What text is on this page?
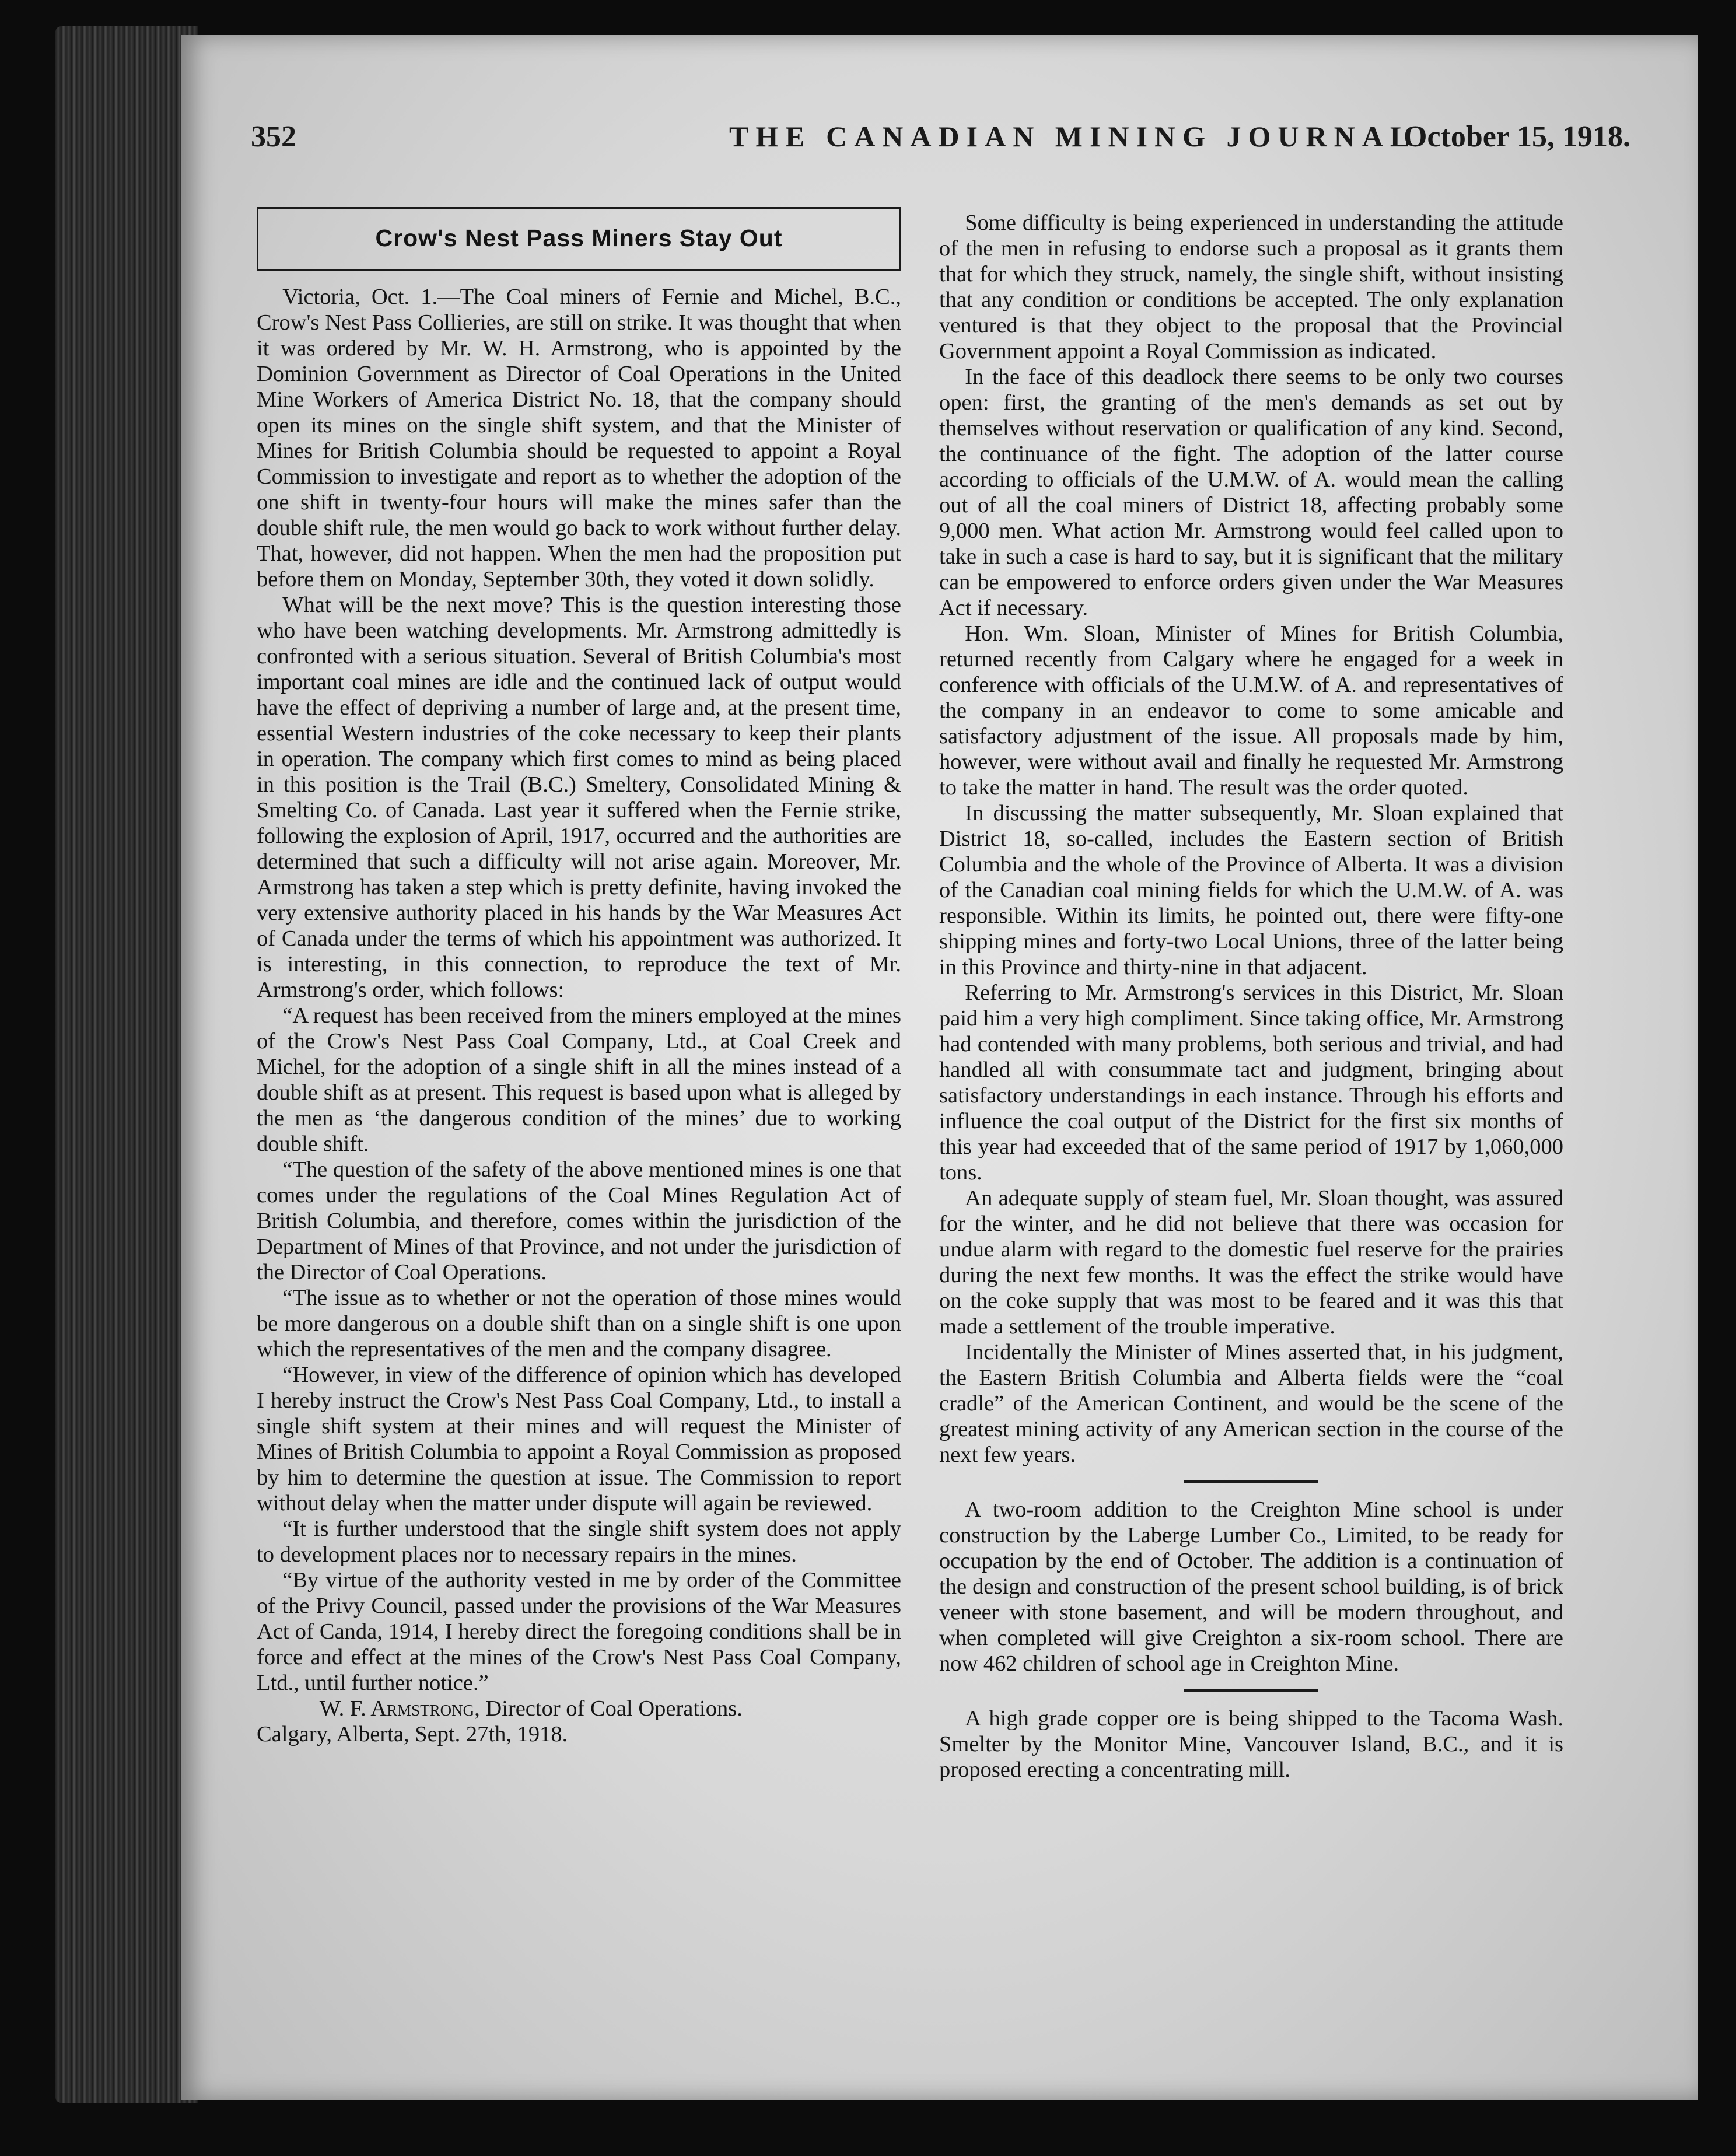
352	THE CANADIAN MINING JOURNAL
October 15, 1918.
Crow's Nest Pass Miners Stay Out

Victoria, Oct. 1.—The Coal miners of Fernie and Michel, B.C., Crow's Nest Pass Collieries, are still on strike. It was thought that when it was ordered by Mr. W. H. Armstrong, who is appointed by the Dominion Government as Director of Coal Operations in the United Mine Workers of America District No. 18, that the company should open its mines on the single shift system, and that the Minister of Mines for British Columbia should be requested to appoint a Royal Commission to investigate and report as to whether the adoption of the one shift in twenty-four hours will make the mines safer than the double shift rule, the men would go back to work without further delay. That, however, did not happen. When the men had the proposition put before them on Monday, September 30th, they voted it down solidly.

What will be the next move? This is the question interesting those who have been watching developments. Mr. Armstrong admittedly is confronted with a serious situation. Several of British Columbia's most important coal mines are idle and the continued lack of output would have the effect of depriving a number of large and, at the present time, essential Western industries of the coke necessary to keep their plants in operation. The company which first comes to mind as being placed in this position is the Trail (B.C.) Smeltery, Consolidated Mining & Smelting Co. of Canada. Last year it suffered when the Fernie strike, following the explosion of April, 1917, occurred and the authorities are determined that such a difficulty will not arise again. Moreover, Mr. Armstrong has taken a step which is pretty definite, having invoked the very extensive authority placed in his hands by the War Measures Act of Canada under the terms of which his appointment was authorized. It is interesting, in this connection, to reproduce the text of Mr. Armstrong's order, which follows:

“A request has been received from the miners employed at the mines of the Crow's Nest Pass Coal Company, Ltd., at Coal Creek and Michel, for the adoption of a single shift in all the mines instead of a double shift as at present. This request is based upon what is alleged by the men as ‘the dangerous condition of the mines’ due to working double shift.

“The question of the safety of the above mentioned mines is one that comes under the regulations of the Coal Mines Regulation Act of British Columbia, and therefore, comes within the jurisdiction of the Department of Mines of that Province, and not under the jurisdiction of the Director of Coal Operations.

“The issue as to whether or not the operation of those mines would be more dangerous on a double shift than on a single shift is one upon which the representatives of the men and the company disagree.

“However, in view of the difference of opinion which has developed I hereby instruct the Crow's Nest Pass Coal Company, Ltd., to install a single shift system at their mines and will request the Minister of Mines of British Columbia to appoint a Royal Commission as proposed by him to determine the question at issue. The Commission to report without delay when the matter under dispute will again be reviewed.

“It is further understood that the single shift system does not apply to development places nor to necessary repairs in the mines.

“By virtue of the authority vested in me by order of the Committee of the Privy Council, passed under the provisions of the War Measures Act of Canda, 1914, I hereby direct the foregoing conditions shall be in force and effect at the mines of the Crow's Nest Pass Coal Company, Ltd., until further notice.”

W. F. Armstrong, Director of Coal Operations.

Calgary, Alberta, Sept. 27th, 1918.

Some difficulty is being experienced in understanding the attitude of the men in refusing to endorse such a proposal as it grants them that for which they struck, namely, the single shift, without insisting that any condition or conditions be accepted. The only explanation ventured is that they object to the proposal that the Provincial Government appoint a Royal Commission as indicated.

In the face of this deadlock there seems to be only two courses open: first, the granting of the men's demands as set out by themselves without reservation or qualification of any kind. Second, the continuance of the fight. The adoption of the latter course according to officials of the U.M.W. of A. would mean the calling out of all the coal miners of District 18, affecting probably some 9,000 men. What action Mr. Armstrong would feel called upon to take in such a case is hard to say, but it is significant that the military can be empowered to enforce orders given under the War Measures Act if necessary.

Hon. Wm. Sloan, Minister of Mines for British Columbia, returned recently from Calgary where he engaged for a week in conference with officials of the U.M.W. of A. and representatives of the company in an endeavor to come to some amicable and satisfactory adjustment of the issue. All proposals made by him, however, were without avail and finally he requested Mr. Armstrong to take the matter in hand. The result was the order quoted.

In discussing the matter subsequently, Mr. Sloan explained that District 18, so-called, includes the Eastern section of British Columbia and the whole of the Province of Alberta. It was a division of the Canadian coal mining fields for which the U.M.W. of A. was responsible. Within its limits, he pointed out, there were fifty-one shipping mines and forty-two Local Unions, three of the latter being in this Province and thirty-nine in that adjacent.

Referring to Mr. Armstrong's services in this District, Mr. Sloan paid him a very high compliment. Since taking office, Mr. Armstrong had contended with many problems, both serious and trivial, and had handled all with consummate tact and judgment, bringing about satisfactory understandings in each instance. Through his efforts and influence the coal output of the District for the first six months of this year had exceeded that of the same period of 1917 by 1,060,000 tons.

An adequate supply of steam fuel, Mr. Sloan thought, was assured for the winter, and he did not believe that there was occasion for undue alarm with regard to the domestic fuel reserve for the prairies during the next few months. It was the effect the strike would have on the coke supply that was most to be feared and it was this that made a settlement of the trouble imperative.

Incidentally the Minister of Mines asserted that, in his judgment, the Eastern British Columbia and Alberta fields were the “coal cradle” of the American Continent, and would be the scene of the greatest mining activity of any American section in the course of the next few years.

A two-room addition to the Creighton Mine school is under construction by the Laberge Lumber Co., Limited, to be ready for occupation by the end of October. The addition is a continuation of the design and construction of the present school building, is of brick veneer with stone basement, and will be modern throughout, and when completed will give Creighton a six-room school. There are now 462 children of school age in Creighton Mine.

A high grade copper ore is being shipped to the Tacoma Wash. Smelter by the Monitor Mine, Vancouver Island, B.C., and it is proposed erecting a concentrating mill.
